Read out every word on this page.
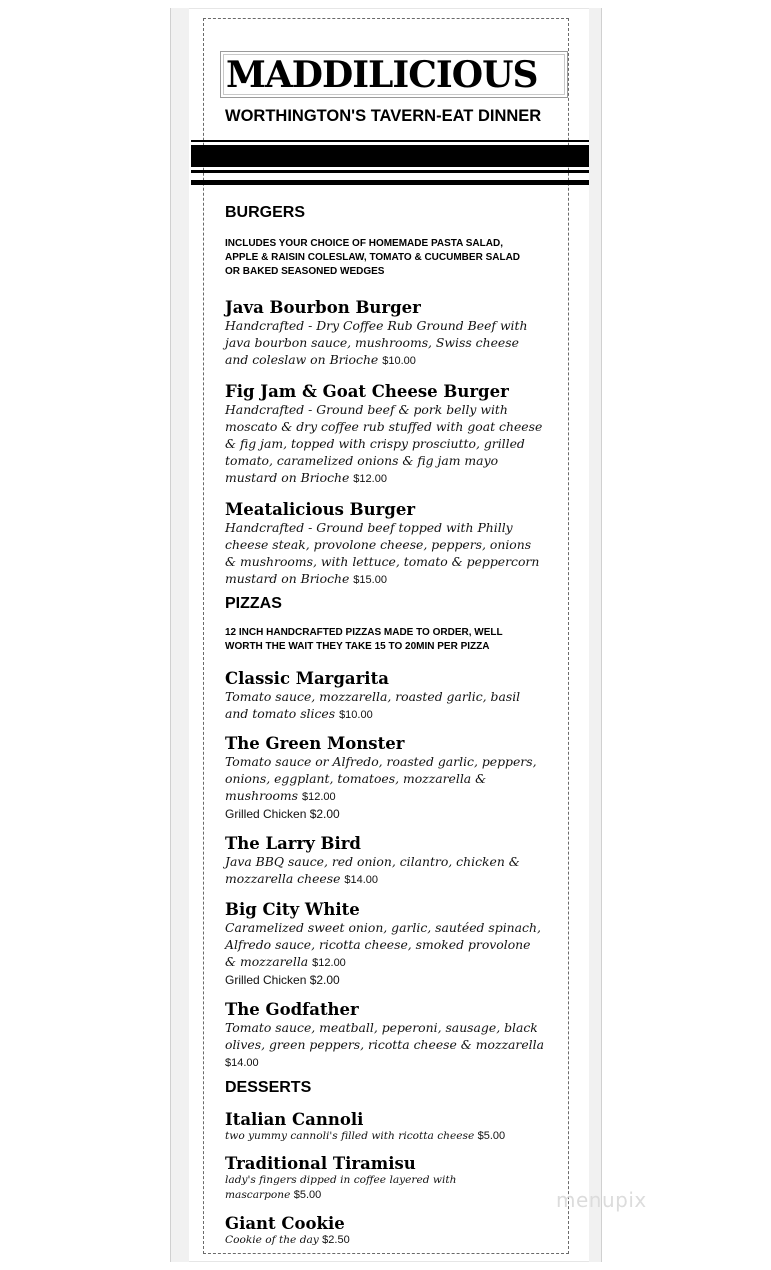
MADDILICIOUS
WORTHINGTON'S TAVERN-EAT DINNER

BURGERS

INCLUDES YOUR CHOICE OF HOMEMADE PASTA SALAD,

APPLE & RAISIN COLESLAW, TOMATO & CUCUMBER SALAD

OR BAKED SEASONED WEDGES

Java Bourbon Burger

Handcrafted - Dry Coffee Rub Ground Beef with

java bourbon sauce, mushrooms, Swiss cheese

and coleslaw on Brioche $10.00

Fig Jam & Goat Cheese Burger

Handcrafted - Ground beef & pork belly with

moscato & dry coffee rub stuffed with goat cheese

& fig jam, topped with crispy prosciutto, grilled

tomato, caramelized onions & fig jam mayo

mustard on Brioche $12.00

Meatalicious Burger

Handcrafted - Ground beef topped with Philly

cheese steak, provolone cheese, peppers, onions

& mushrooms, with lettuce, tomato & peppercorn

mustard on Brioche $15.00

PIZZAS

12 INCH HANDCRAFTED PIZZAS MADE TO ORDER, WELL

WORTH THE WAIT THEY TAKE 15 TO 20MIN PER PIZZA

Classic Margarita

Tomato sauce, mozzarella, roasted garlic, basil

and tomato slices $10.00

The Green Monster

Tomato sauce or Alfredo, roasted garlic, peppers,

onions, eggplant, tomatoes, mozzarella &

mushrooms $12.00

Grilled Chicken $2.00

The Larry Bird

Java BBQ sauce, red onion, cilantro, chicken &

mozzarella cheese $14.00

Big City White

Caramelized sweet onion, garlic, sautéed spinach,

Alfredo sauce, ricotta cheese, smoked provolone

& mozzarella $12.00

Grilled Chicken $2.00

The Godfather

Tomato sauce, meatball, peperoni, sausage, black

olives, green peppers, ricotta cheese & mozzarella

$14.00

DESSERTS

Italian Cannoli

two yummy cannoli's filled with ricotta cheese $5.00

Traditional Tiramisu

lady's fingers dipped in coffee layered with

mascarpone $5.00

Giant Cookie

Cookie of the day $2.50

menupix
